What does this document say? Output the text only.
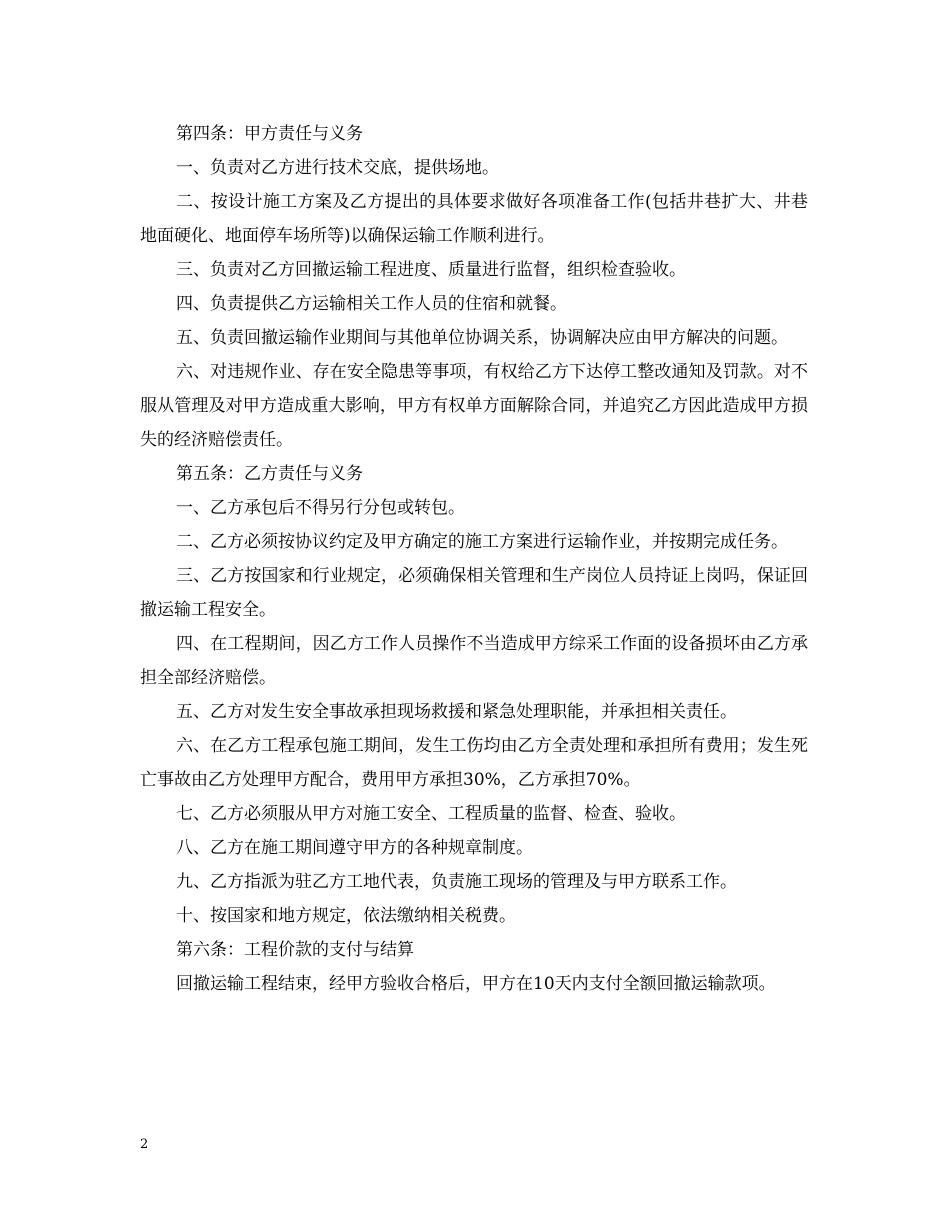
第四条：甲方责任与义务

一、负责对乙方进行技术交底，提供场地。

二、按设计施工方案及乙方提出的具体要求做好各项准备工作(包括井巷扩大、井巷地面硬化、地面停车场所等)以确保运输工作顺利进行。

三、负责对乙方回撤运输工程进度、质量进行监督，组织检查验收。

四、负责提供乙方运输相关工作人员的住宿和就餐。

五、负责回撤运输作业期间与其他单位协调关系，协调解决应由甲方解决的问题。

六、对违规作业、存在安全隐患等事项，有权给乙方下达停工整改通知及罚款。对不服从管理及对甲方造成重大影响，甲方有权单方面解除合同，并追究乙方因此造成甲方损失的经济赔偿责任。

第五条：乙方责任与义务

一、乙方承包后不得另行分包或转包。

二、乙方必须按协议约定及甲方确定的施工方案进行运输作业，并按期完成任务。

三、乙方按国家和行业规定，必须确保相关管理和生产岗位人员持证上岗吗，保证回撤运输工程安全。

四、在工程期间，因乙方工作人员操作不当造成甲方综采工作面的设备损坏由乙方承担全部经济赔偿。

五、乙方对发生安全事故承担现场救援和紧急处理职能，并承担相关责任。

六、在乙方工程承包施工期间，发生工伤均由乙方全责处理和承担所有费用；发生死亡事故由乙方处理甲方配合，费用甲方承担30%，乙方承担70%。

七、乙方必须服从甲方对施工安全、工程质量的监督、检查、验收。

八、乙方在施工期间遵守甲方的各种规章制度。

九、乙方指派为驻乙方工地代表，负责施工现场的管理及与甲方联系工作。

十、按国家和地方规定，依法缴纳相关税费。

第六条：工程价款的支付与结算

回撤运输工程结束，经甲方验收合格后，甲方在10天内支付全额回撤运输款项。

2
